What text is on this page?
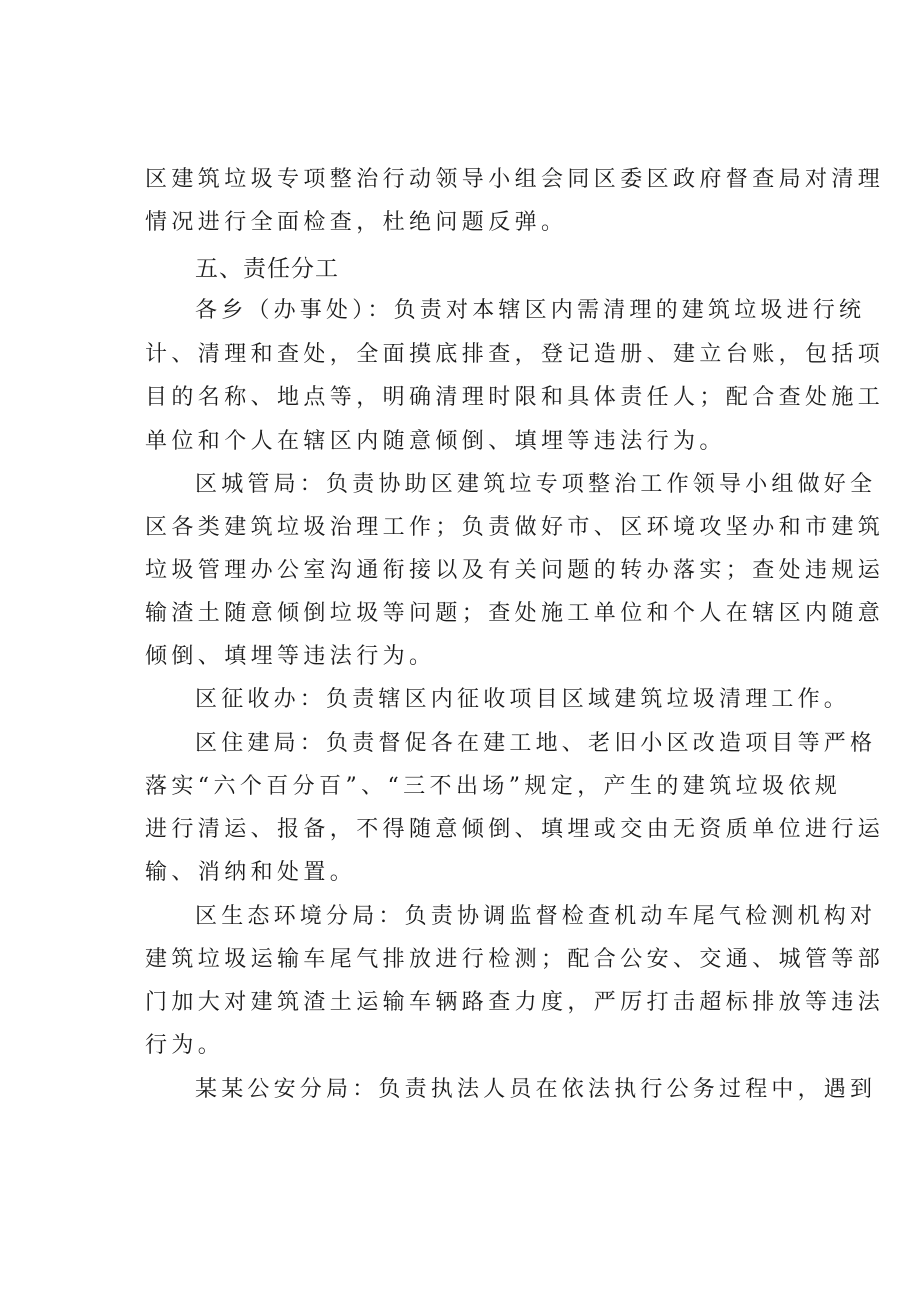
区建筑垃圾专项整治行动领导小组会同区委区政府督查局对清理
情况进行全面检查，杜绝问题反弹。
五、责任分工
各乡（办事处）：负责对本辖区内需清理的建筑垃圾进行统
计、清理和查处，全面摸底排查，登记造册、建立台账，包括项
目的名称、地点等，明确清理时限和具体责任人；配合查处施工
单位和个人在辖区内随意倾倒、填埋等违法行为。
区城管局：负责协助区建筑垃专项整治工作领导小组做好全
区各类建筑垃圾治理工作；负责做好市、区环境攻坚办和市建筑
垃圾管理办公室沟通衔接以及有关问题的转办落实；查处违规运
输渣土随意倾倒垃圾等问题；查处施工单位和个人在辖区内随意
倾倒、填埋等违法行为。
区征收办：负责辖区内征收项目区域建筑垃圾清理工作。
区住建局：负责督促各在建工地、老旧小区改造项目等严格
落实“六个百分百”、“三不出场”规定，产生的建筑垃圾依规
进行清运、报备，不得随意倾倒、填埋或交由无资质单位进行运
输、消纳和处置。
区生态环境分局：负责协调监督检查机动车尾气检测机构对
建筑垃圾运输车尾气排放进行检测；配合公安、交通、城管等部
门加大对建筑渣土运输车辆路查力度，严厉打击超标排放等违法
行为。
某某公安分局：负责执法人员在依法执行公务过程中，遇到
